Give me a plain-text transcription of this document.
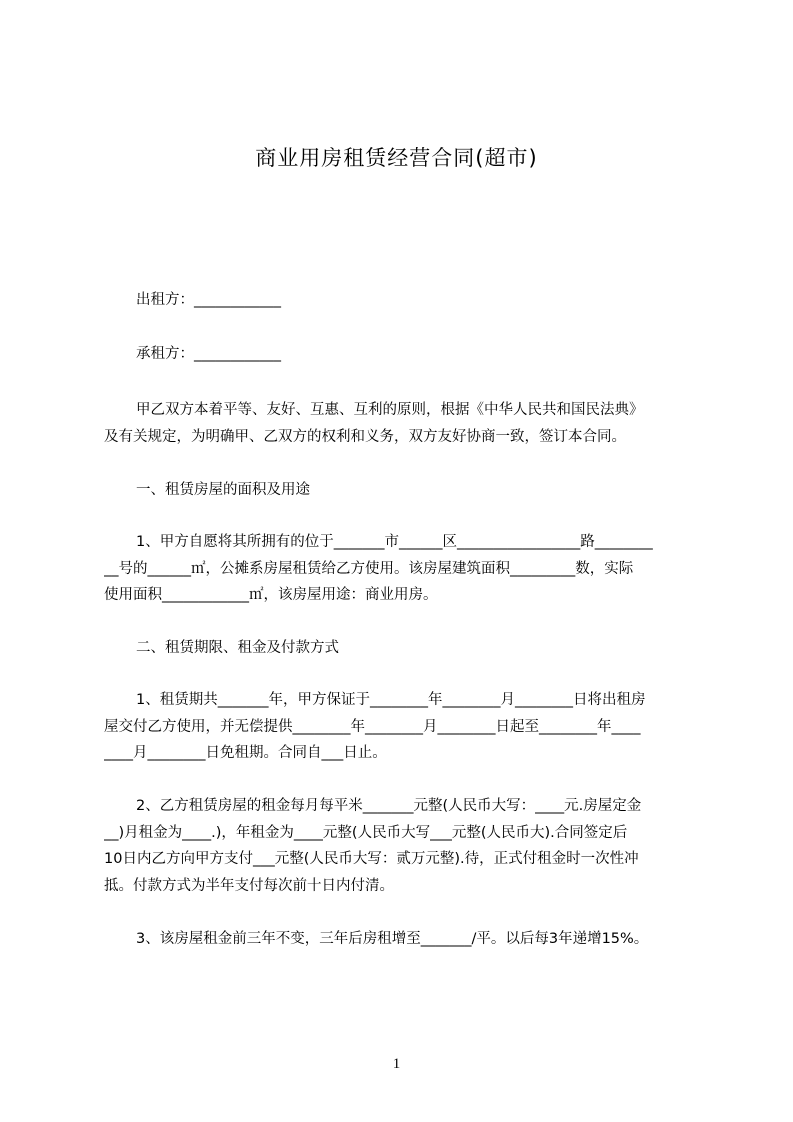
商业用房租赁经营合同(超市)
出租方：____________
承租方：____________
甲乙双方本着平等、友好、互惠、互利的原则，根据《中华人民共和国民法典》
及有关规定，为明确甲、乙双方的权利和义务，双方友好协商一致，签订本合同。
一、租赁房屋的面积及用途
1、甲方自愿将其所拥有的位于_______市______区_________________路________
__号的______㎡，公摊系房屋租赁给乙方使用。该房屋建筑面积_________数，实际
使用面积____________㎡，该房屋用途：商业用房。
二、租赁期限、租金及付款方式
1、租赁期共_______年，甲方保证于________年________月________日将出租房
屋交付乙方使用，并无偿提供________年________月________日起至________年____
____月________日免租期。合同自___日止。
2、乙方租赁房屋的租金每月每平米_______元整(人民币大写：____元.房屋定金
__)月租金为____.)，年租金为____元整(人民币大写___元整(人民币大).合同签定后
10日内乙方向甲方支付___元整(人民币大写：贰万元整).待，正式付租金时一次性冲
抵。付款方式为半年支付每次前十日内付清。
3、该房屋租金前三年不变，三年后房租增至_______/平。以后每3年递增15%。
1
